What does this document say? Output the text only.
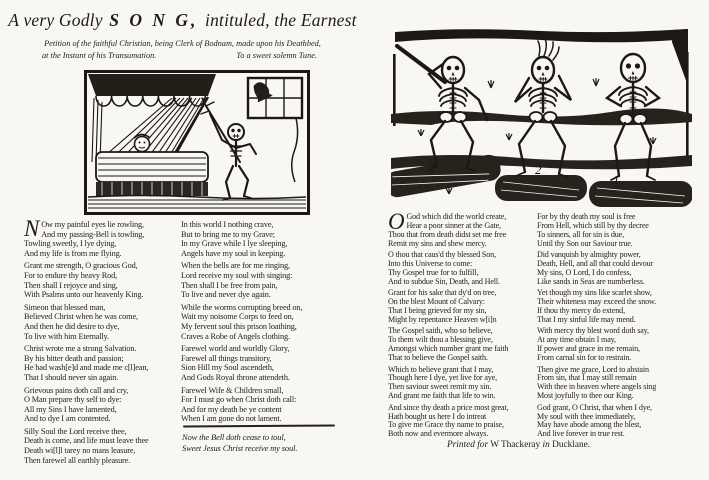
A very Godly S O N G, intituled, the Earnest
Petition of the faithful Christian, being Clerk of Bodnam, made upon his Deathbed,
at the Instant of his Transumation.	To a sweet solemn Tune.
N Ow my painful eyes lie rowling,
And my passing-Bell is towling,
Towling sweetly, I lye dying,
And my life is from me flying.
Grant me strength, O gracious God,
For to endure thy heavy Rod,
Then shall I rejoyce and sing,
With Psalms unto our heavenly King.
Simeon that blessed man,
Believed Christ when he was come,
And then he did desire to dye,
To live with him Eternally.
Christ wrote me a strong Salvation.
By his bitter death and passion;
He had wash[e]d and made me c[l]ean,
That I should never sin again.
Grievous pains doth call and cry,
O Man prepare thy self to dye:
All my Sins I have lamented,
And to dye I am contented.
Silly Soul the Lord receive thee,
Death is come, and life must leave thee
Death wi[l]l tarey no mans leasure,
Then farewel all earthly pleasure.
In this world I nothing crave,
But to bring me to my Grave;
In my Grave while I lye sleeping,
Angels have my soul in keeping.
When the bells are for me ringing,
Lord receive my soul with singing:
Then shall I be free from pain,
To live and never dye again.
While the worms corrupting breed on,
Wait my noisome Corps to feed on,
My fervent soul this prison loathing,
Craves a Robe of Angels clothing.
Farewel world and worldly Glory,
Farewel all things transitory,
Sion Hill my Soul ascendeth,
And Gods Royal throne attendeth.
Farewel Wife & Children small,
For I must go when Christ doth call:
And for my death be ye content
When I am gone do not lament.
Now the Bell doth cease to toul,
Sweet Jesus Christ receive my soul.
3	2
1
O God which did the world create,
Hear a poor sinner at the Gate,
Thou that from death didst set me free
Remit my sins and shew mercy.
O thou that caus'd thy blessed Son,
Into this Universe to come:
Thy Gospel true for to fulfill,
And to subdue Sin, Death, and Hell.
Grant for his sake that dy'd on tree,
On the blest Mount of Calvary:
That I being grieved for my sin,
Might by repentance Heaven w[i]n
The Gospel saith, who so believe,
To them wilt thou a blessing give,
Amongst which number grant me faith
That to believe the Gospel saith.
Which to believe grant that I may,
Though here I dye, yet live for aye,
Then saviour sweet remit my sin.
And grant me faith that life to win.
And since thy death a price most great,
Hath bought us here I do intreat
To give me Grace thy name to praise,
Both now and evermore always.
For by thy death my soul is free
From Hell, which still by thy decree
To sinners, all for sin is due,
Until thy Son our Saviour true.
Did vanquish by almighty power,
Death, Hell, and all that could devour
My sins, O Lord, I do confess,
Like sands in Seas are numberless.
Yet though my sins like scarlet show,
Their whiteness may exceed the snow.
If thou thy mercy do extend,
That I my sinful life may mend.
With mercy thy blest word doth say,
At any time obtain I may,
If power and grace in me remain,
From carnal sin for to restrain.
Then give me grace, Lord to abstain
From sin, that I may still remain
With thee in heaven where angels sing
Most joyfully to thee our King.
God grant, O Christ, that when I dye,
My soul with thee immediately,
May have abode among the blest,
And live forever in true rest.
Printed for W Thackeray in Ducklane.
